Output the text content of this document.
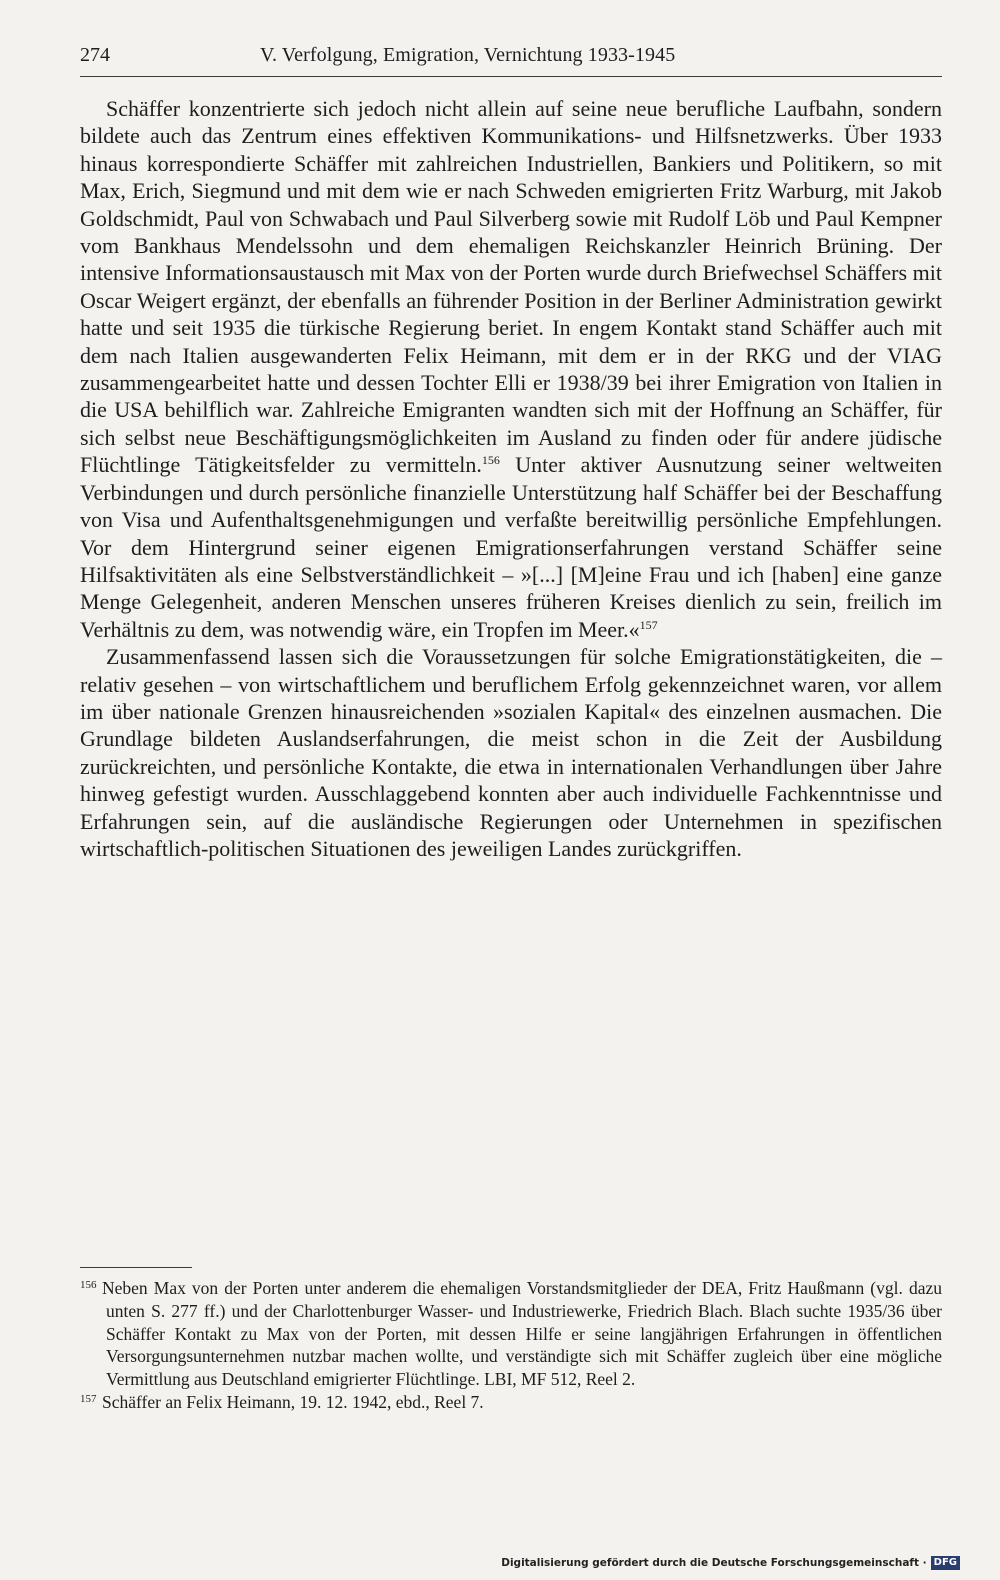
274	V. Verfolgung, Emigration, Vernichtung 1933-1945

Schäffer konzentrierte sich jedoch nicht allein auf seine neue berufliche Laufbahn, sondern bildete auch das Zentrum eines effektiven Kommunikations- und Hilfsnetzwerks. Über 1933 hinaus korrespondierte Schäffer mit zahlreichen Industriellen, Bankiers und Politikern, so mit Max, Erich, Siegmund und mit dem wie er nach Schweden emigrierten Fritz Warburg, mit Jakob Goldschmidt, Paul von Schwabach und Paul Silverberg sowie mit Rudolf Löb und Paul Kempner vom Bankhaus Mendelssohn und dem ehemaligen Reichskanzler Heinrich Brüning. Der intensive Informationsaustausch mit Max von der Porten wurde durch Briefwechsel Schäffers mit Oscar Weigert ergänzt, der ebenfalls an führender Position in der Berliner Administration gewirkt hatte und seit 1935 die türkische Regierung beriet. In engem Kontakt stand Schäffer auch mit dem nach Italien ausgewanderten Felix Heimann, mit dem er in der RKG und der VIAG zusammengearbeitet hatte und dessen Tochter Elli er 1938/39 bei ihrer Emigration von Italien in die USA behilflich war. Zahlreiche Emigranten wandten sich mit der Hoffnung an Schäffer, für sich selbst neue Beschäftigungsmöglichkeiten im Ausland zu finden oder für andere jüdische Flüchtlinge Tätigkeitsfelder zu vermitteln.$^{156}$ Unter aktiver Ausnutzung seiner weltweiten Verbindungen und durch persönliche finanzielle Unterstützung half Schäffer bei der Beschaffung von Visa und Aufenthaltsgenehmigungen und verfaßte bereitwillig persönliche Empfehlungen. Vor dem Hintergrund seiner eigenen Emigrationserfahrungen verstand Schäffer seine Hilfsaktivitäten als eine Selbstverständlichkeit – »[...] [M]eine Frau und ich [haben] eine ganze Menge Gelegenheit, anderen Menschen unseres früheren Kreises dienlich zu sein, freilich im Verhältnis zu dem, was notwendig wäre, ein Tropfen im Meer.«$^{157}$

Zusammenfassend lassen sich die Voraussetzungen für solche Emigrationstätigkeiten, die – relativ gesehen – von wirtschaftlichem und beruflichem Erfolg gekennzeichnet waren, vor allem im über nationale Grenzen hinausreichenden »sozialen Kapital« des einzelnen ausmachen. Die Grundlage bildeten Auslandserfahrungen, die meist schon in die Zeit der Ausbildung zurückreichten, und persönliche Kontakte, die etwa in internationalen Verhandlungen über Jahre hinweg gefestigt wurden. Ausschlaggebend konnten aber auch individuelle Fachkenntnisse und Erfahrungen sein, auf die ausländische Regierungen oder Unternehmen in spezifischen wirtschaftlich-politischen Situationen des jeweiligen Landes zurückgriffen.

156 Neben Max von der Porten unter anderem die ehemaligen Vorstandsmitglieder der DEA, Fritz Haußmann (vgl. dazu unten S. 277 ff.) und der Charlottenburger Wasser- und Industriewerke, Friedrich Blach. Blach suchte 1935/36 über Schäffer Kontakt zu Max von der Porten, mit dessen Hilfe er seine langjährigen Erfahrungen in öffentlichen Versorgungsunternehmen nutzbar machen wollte, und verständigte sich mit Schäffer zugleich über eine mögliche Vermittlung aus Deutschland emigrierter Flüchtlinge. LBI, MF 512, Reel 2.

157 Schäffer an Felix Heimann, 19. 12. 1942, ebd., Reel 7.

Digitalisierung gefördert durch die Deutsche Forschungsgemeinschaft · DFG
